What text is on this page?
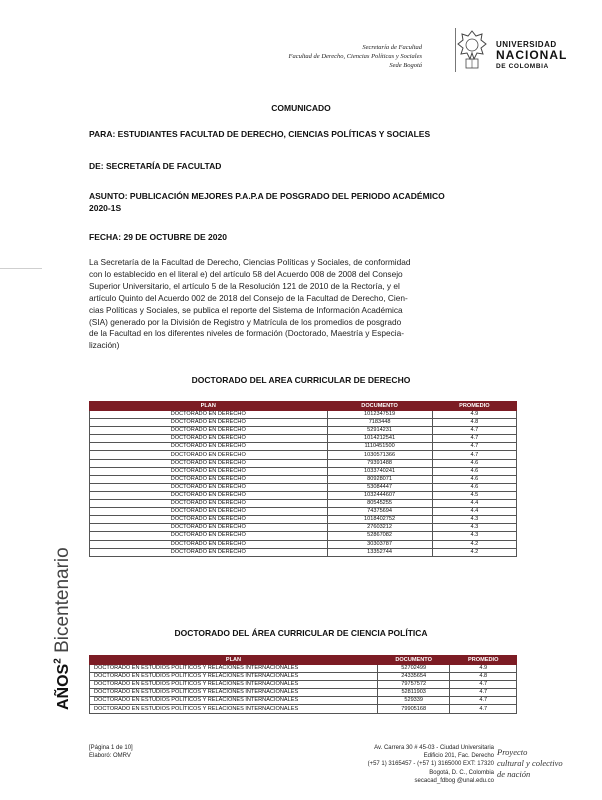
Secretaría de Facultad
Facultad de Derecho, Ciencias Políticas y Sociales
Sede Bogotá
UNIVERSIDAD
NACIONAL
DE COLOMBIA
AÑOS$^2$ Bicentenario
COMUNICADO
PARA: ESTUDIANTES FACULTAD DE DERECHO, CIENCIAS POLÍTICAS Y SOCIALES
DE: SECRETARÍA DE FACULTAD
ASUNTO: PUBLICACIÓN MEJORES P.A.P.A DE POSGRADO DEL PERIODO ACADÉMICO
2020-1S
FECHA: 29 DE OCTUBRE DE 2020
La Secretaría de la Facultad de Derecho, Ciencias Políticas y Sociales, de conformidad
con lo establecido en el literal e) del artículo 58 del Acuerdo 008 de 2008 del Consejo
Superior Universitario, el artículo 5 de la Resolución 121 de 2010 de la Rectoría, y el
artículo Quinto del Acuerdo 002 de 2018 del Consejo de la Facultad de Derecho, Cien-
cias Políticas y Sociales, se publica el reporte del Sistema de Información Académica
(SIA) generado por la División de Registro y Matrícula de los promedios de posgrado
de la Facultad en los diferentes niveles de formación (Doctorado, Maestría y Especia-
lización)
DOCTORADO DEL AREA CURRICULAR DE DERECHO
PLAN	DOCUMENTO	PROMEDIO
DOCTORADO EN DERECHO	1012347519	4.9
DOCTORADO EN DERECHO	7183448	4.8
DOCTORADO EN DERECHO	52914231	4.7
DOCTORADO EN DERECHO	1014212541	4.7
DOCTORADO EN DERECHO	1110451500	4.7
DOCTORADO EN DERECHO	1030571366	4.7
DOCTORADO EN DERECHO	79391488	4.6
DOCTORADO EN DERECHO	1033740241	4.6
DOCTORADO EN DERECHO	80928071	4.6
DOCTORADO EN DERECHO	53084447	4.6
DOCTORADO EN DERECHO	1032444607	4.5
DOCTORADO EN DERECHO	80545255	4.4
DOCTORADO EN DERECHO	74375694	4.4
DOCTORADO EN DERECHO	1018402752	4.3
DOCTORADO EN DERECHO	27603212	4.3
DOCTORADO EN DERECHO	52867082	4.3
DOCTORADO EN DERECHO	30303787	4.2
DOCTORADO EN DERECHO	13352744	4.2
DOCTORADO DEL ÁREA CURRICULAR DE CIENCIA POLÍTICA
PLAN	DOCUMENTO	PROMEDIO
DOCTORADO EN ESTUDIOS POLÍTICOS Y RELACIONES INTERNACIONALES	52702499	4.9
DOCTORADO EN ESTUDIOS POLÍTICOS Y RELACIONES INTERNACIONALES	24335654	4.8
DOCTORADO EN ESTUDIOS POLÍTICOS Y RELACIONES INTERNACIONALES	79757572	4.7
DOCTORADO EN ESTUDIOS POLÍTICOS Y RELACIONES INTERNACIONALES	52811903	4.7
DOCTORADO EN ESTUDIOS POLÍTICOS Y RELACIONES INTERNACIONALES	529339	4.7
DOCTORADO EN ESTUDIOS POLÍTICOS Y RELACIONES INTERNACIONALES	79905168	4.7
[Página 1 de 10]
Elaboró: OMRV
Av. Carrera 30 # 45-03 - Ciudad Universitaria
Edificio 201, Fac. Derecho
(+57 1) 3165457 - (+57 1) 3165000 EXT: 17320
Bogotá, D. C., Colombia
secacad_fdbog @unal.edu.co
Proyecto
cultural y colectivo
de nación
